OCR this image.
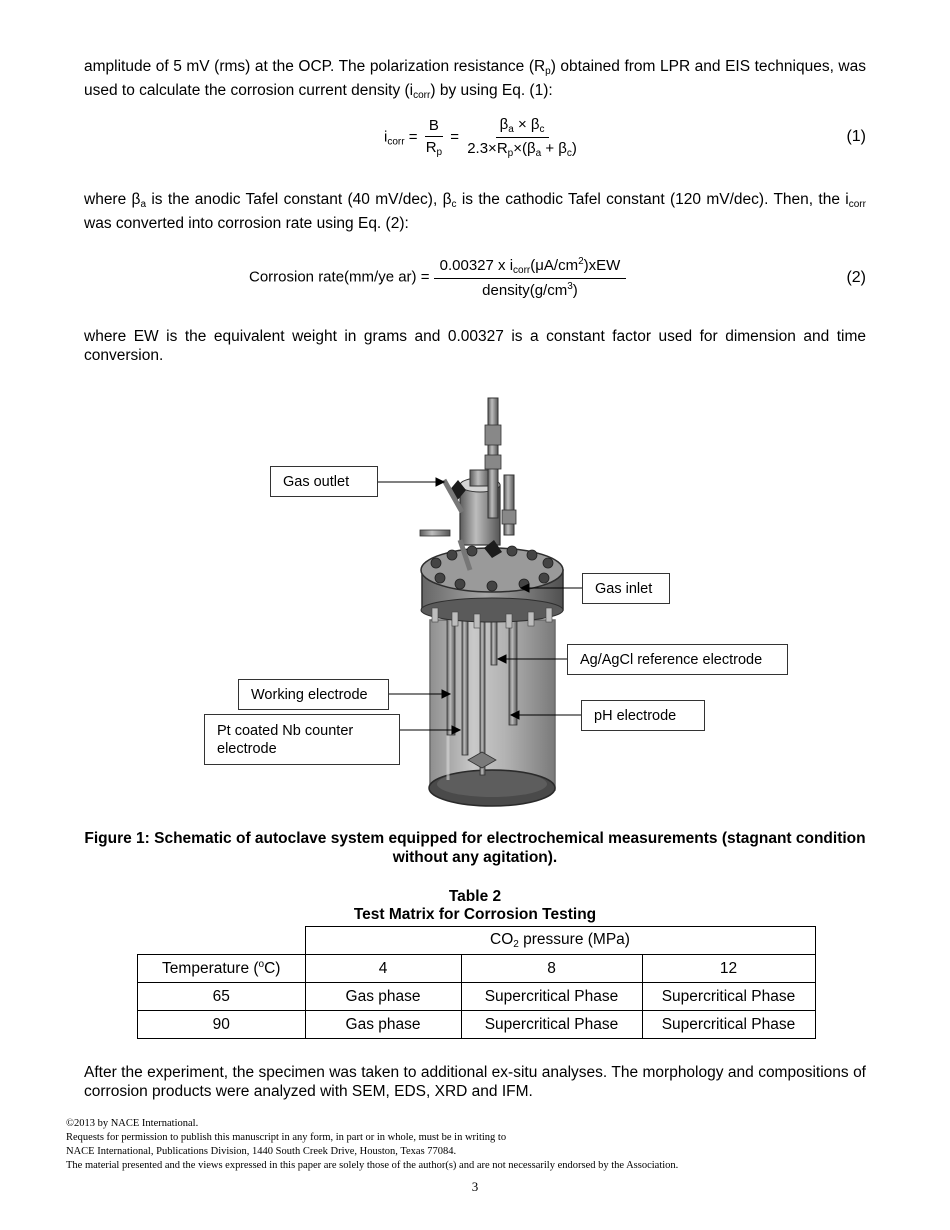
amplitude of 5 mV (rms) at the OCP. The polarization resistance $(R_p)$ obtained from LPR and EIS techniques, was used to calculate the corrosion current density $(i_{corr})$ by using Eq. (1):
$i_{corr} = \frac{B}{R_p} = \frac{\beta_a \times \beta_c}{2.3\times R_p\times(\beta_a + \beta_c)}$	(1)
where $\beta_a$ is the anodic Tafel constant (40 mV/dec), $\beta_c$ is the cathodic Tafel constant (120 mV/dec). Then, the $i_{corr}$ was converted into corrosion rate using Eq. (2):
Corrosion rate(mm/ye $ar) = \frac{0.00327 x i_{corr}(\mu A/cm^2)xEW}{density(g/cm^3)}$	(2)
where EW is the equivalent weight in grams and 0.00327 is a constant factor used for dimension and time conversion.
Gas outlet
Gas inlet
Ag/AgCl reference electrode
Working electrode
pH electrode
Pt coated Nb counter
electrode
Figure 1: Schematic of autoclave system equipped for electrochemical measurements (stagnant condition without any agitation).
Table 2
Test Matrix for Corrosion Testing
	$CO_2$ pressure (MPa)		
Temperature ($^o$C)	4	8	12
65	Gas phase	Supercritical Phase	Supercritical Phase
90	Gas phase	Supercritical Phase	Supercritical Phase
After the experiment, the specimen was taken to additional ex-situ analyses. The morphology and compositions of corrosion products were analyzed with SEM, EDS, XRD and IFM.
©2013 by NACE International.
Requests for permission to publish this manuscript in any form, in part or in whole, must be in writing to
NACE International, Publications Division, 1440 South Creek Drive, Houston, Texas 77084.
The material presented and the views expressed in this paper are solely those of the author(s) and are not necessarily endorsed by the Association.
3
